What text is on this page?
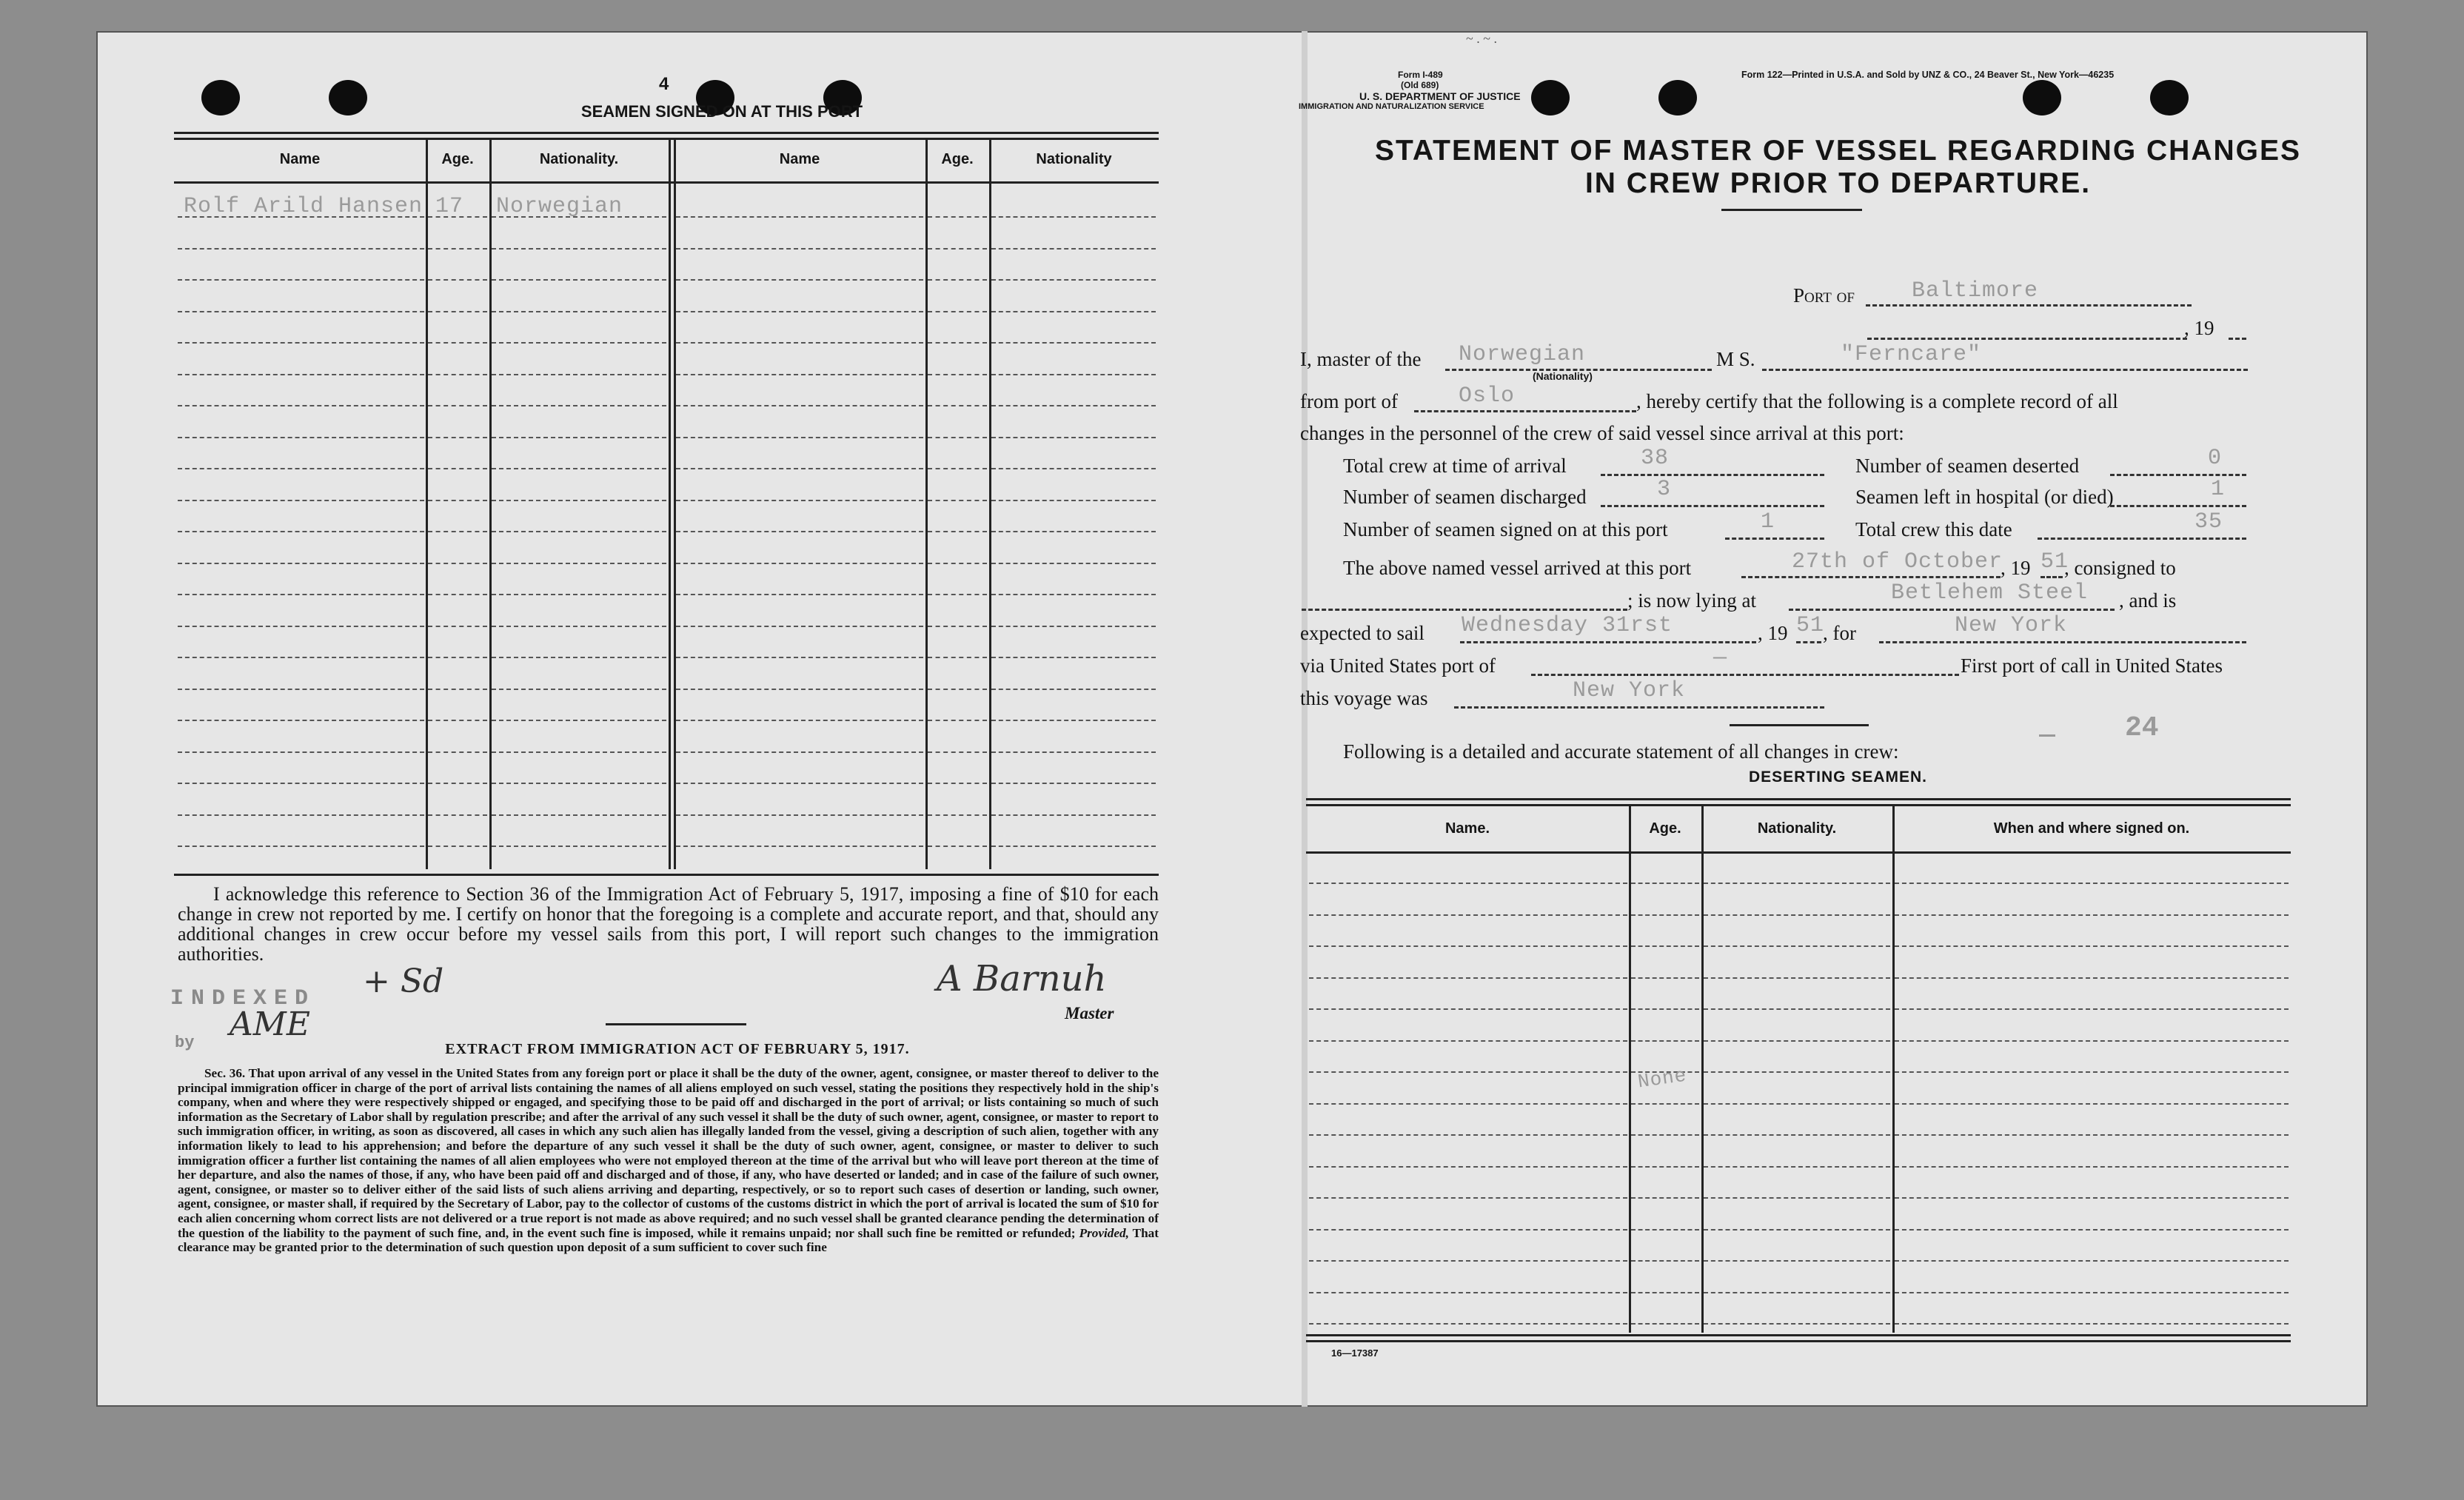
4
SEAMEN SIGNED ON AT THIS PORT
Name	Age.	Nationality.	Name	Age.	Nationality
Rolf Arild Hansen 17 Norwegian
I acknowledge this reference to Section 36 of the Immigration Act of February 5, 1917, imposing a fine of $10 for each change in crew not reported by me. I certify on honor that the foregoing is a complete and accurate report, and that, should any additional changes in crew occur before my vessel sails from this port, I will report such changes to the immigration authorities.
INDEXED
by
+ Sd
AME
A Barnuh
Master
EXTRACT FROM IMMIGRATION ACT OF FEBRUARY 5, 1917.
Sec. 36. That upon arrival of any vessel in the United States from any foreign port or place it shall be the duty of the owner, agent, consignee, or master thereof to deliver to the principal immigration officer in charge of the port of arrival lists containing the names of all aliens employed on such vessel, stating the positions they respectively hold in the ship's company, when and where they were respectively shipped or engaged, and specifying those to be paid off and discharged in the port of arrival; or lists containing so much of such information as the Secretary of Labor shall by regulation prescribe; and after the arrival of any such vessel it shall be the duty of such owner, agent, consignee, or master to report to such immigration officer, in writing, as soon as discovered, all cases in which any such alien has illegally landed from the vessel, giving a description of such alien, together with any information likely to lead to his apprehension; and before the departure of any such vessel it shall be the duty of such owner, agent, consignee, or master to deliver to such immigration officer a further list containing the names of all alien employees who were not employed thereon at the time of the arrival but who will leave port thereon at the time of her departure, and also the names of those, if any, who have been paid off and discharged and of those, if any, who have deserted or landed; and in case of the failure of such owner, agent, consignee, or master so to deliver either of the said lists of such aliens arriving and departing, respectively, or so to report such cases of desertion or landing, such owner, agent, consignee, or master shall, if required by the Secretary of Labor, pay to the collector of customs of the customs district in which the port of arrival is located the sum of $10 for each alien concerning whom correct lists are not delivered or a true report is not made as above required; and no such vessel shall be granted clearance pending the determination of the question of the liability to the payment of such fine, and, in the event such fine is imposed, while it remains unpaid; nor shall such fine be remitted or refunded; Provided, That clearance may be granted prior to the determination of such question upon deposit of a sum sufficient to cover such fine
~ . ~ .
Form I-489
(Old 689)
U. S. DEPARTMENT OF JUSTICE
IMMIGRATION AND NATURALIZATION SERVICE
Form 122—Printed in U.S.A. and Sold by UNZ & CO., 24 Beaver St., New York—46235
STATEMENT OF MASTER OF VESSEL REGARDING CHANGES
IN CREW PRIOR TO DEPARTURE.
Port of	Baltimore
, 19
I, master of the Norwegian
(Nationality)
M S.	"Ferncare"
from port of	Oslo	, hereby certify that the following is a complete record of all
changes in the personnel of the crew of said vessel since arrival at this port:
Total crew at time of arrival	38	Number of seamen deserted	0
Number of seamen discharged	3	Seamen left in hospital (or died)	1
Number of seamen signed on at this port	1	Total crew this date	35
The above named vessel arrived at this port	27th of October
, 19 51
, consigned to
; is now lying at	Betlehem Steel , and is
expected to sail Wednesday 31rst	, 19 51
, for	New York
via United States port of	—	First port of call in United States
this voyage was	New York
24
Following is a detailed and accurate statement of all changes in crew:
DESERTING SEAMEN.
Name.	Age.	Nationality.	When and where signed on.
None
16—17387
